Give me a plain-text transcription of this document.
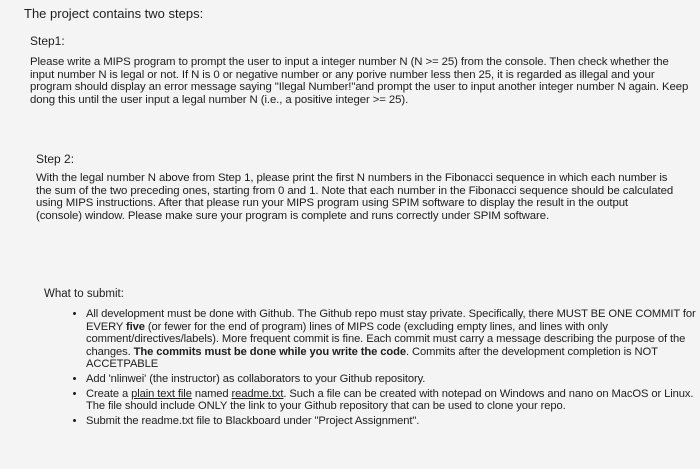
The project contains two steps:

Step1:

Please write a MIPS program to prompt the user to input a integer number N (N >= 25) from the console. Then check whether the input number N is legal or not. If N is 0 or negative number or any porive number less then 25, it is regarded as illegal and your program should display an error message saying "Ilegal Number!"and prompt the user to input another integer number N again. Keep dong this until the user input a legal number N (i.e., a positive integer >= 25).

Step 2:

With the legal number N above from Step 1, please print the first N numbers in the Fibonacci sequence in which each number is the sum of the two preceding ones, starting from 0 and 1. Note that each number in the Fibonacci sequence should be calculated using MIPS instructions. After that please run your MIPS program using SPIM software to display the result in the output (console) window. Please make sure your program is complete and runs correctly under SPIM software.

What to submit:

• All development must be done with Github. The Github repo must stay private. Specifically, there MUST BE ONE COMMIT for EVERY five (or fewer for the end of program) lines of MIPS code (excluding empty lines, and lines with only comment/directives/labels). More frequent commit is fine. Each commit must carry a message describing the purpose of the changes. The commits must be done while you write the code. Commits after the development completion is NOT ACCETPABLE
• Add 'nlinwei' (the instructor) as collaborators to your Github repository.
• Create a plain text file named readme.txt. Such a file can be created with notepad on Windows and nano on MacOS or Linux. The file should include ONLY the link to your Github repository that can be used to clone your repo.
• Submit the readme.txt file to Blackboard under "Project Assignment".
